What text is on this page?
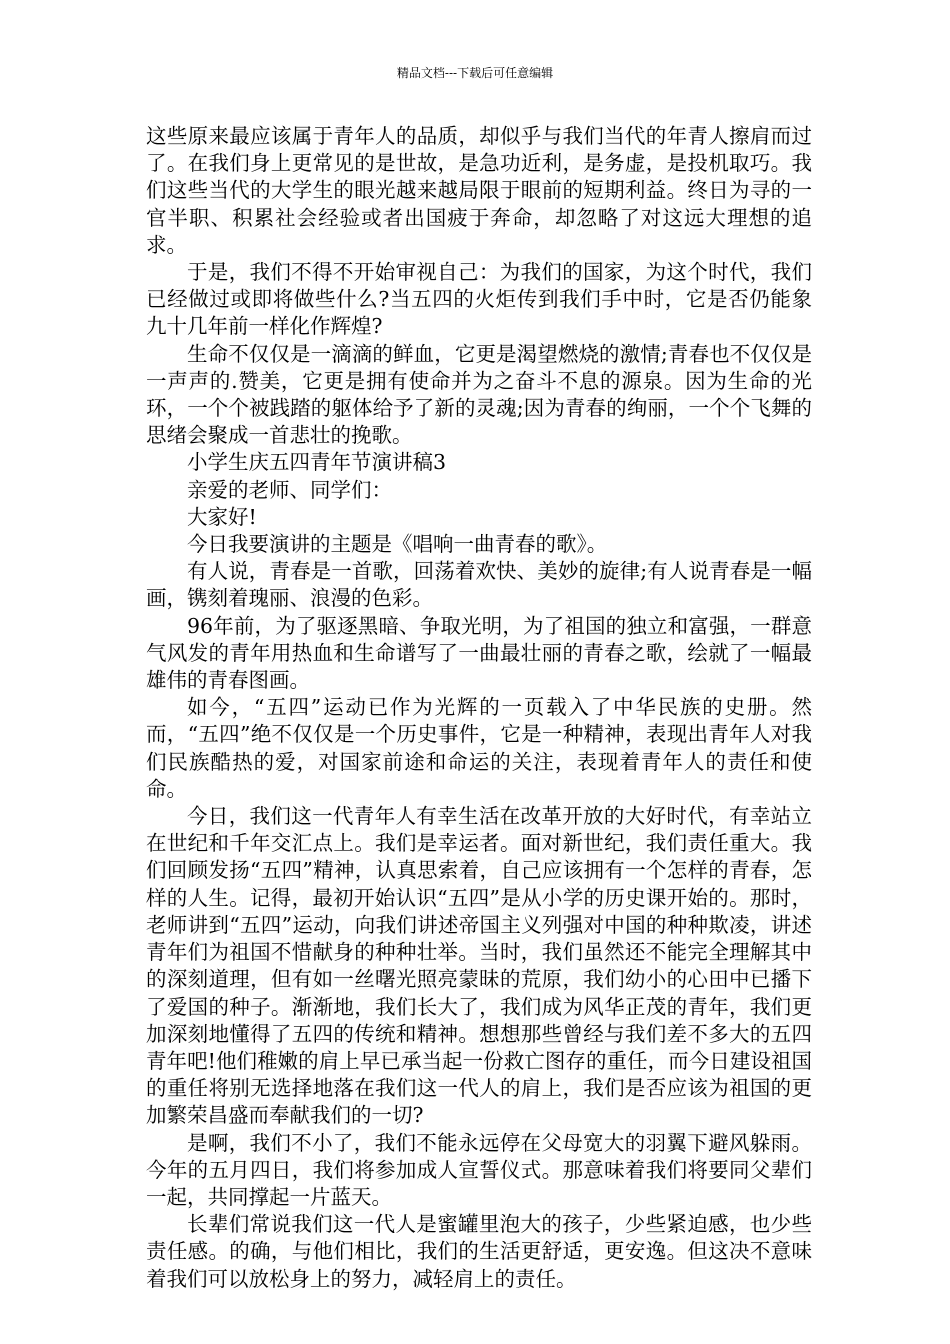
精品文档---下载后可任意编辑

这些原来最应该属于青年人的品质，却似乎与我们当代的年青人擦肩而过了。在我们身上更常见的是世故，是急功近利，是务虚，是投机取巧。我们这些当代的大学生的眼光越来越局限于眼前的短期利益。终日为寻的一官半职、积累社会经验或者出国疲于奔命，却忽略了对这远大理想的追求。

于是，我们不得不开始审视自己：为我们的国家，为这个时代，我们已经做过或即将做些什么?当五四的火炬传到我们手中时，它是否仍能象九十几年前一样化作辉煌?

生命不仅仅是一滴滴的鲜血，它更是渴望燃烧的激情;青春也不仅仅是一声声的.赞美，它更是拥有使命并为之奋斗不息的源泉。因为生命的光环，一个个被践踏的躯体给予了新的灵魂;因为青春的绚丽，一个个飞舞的思绪会聚成一首悲壮的挽歌。

小学生庆五四青年节演讲稿3

亲爱的老师、同学们：

大家好!

今日我要演讲的主题是《唱响一曲青春的歌》。

有人说，青春是一首歌，回荡着欢快、美妙的旋律;有人说青春是一幅画，镌刻着瑰丽、浪漫的色彩。

96年前，为了驱逐黑暗、争取光明，为了祖国的独立和富强，一群意气风发的青年用热血和生命谱写了一曲最壮丽的青春之歌，绘就了一幅最雄伟的青春图画。

如今，“五四”运动已作为光辉的一页载入了中华民族的史册。然而，“五四”绝不仅仅是一个历史事件，它是一种精神，表现出青年人对我们民族酷热的爱，对国家前途和命运的关注，表现着青年人的责任和使命。

今日，我们这一代青年人有幸生活在改革开放的大好时代，有幸站立在世纪和千年交汇点上。我们是幸运者。面对新世纪，我们责任重大。我们回顾发扬“五四”精神，认真思索着，自己应该拥有一个怎样的青春，怎样的人生。记得，最初开始认识“五四”是从小学的历史课开始的。那时，老师讲到“五四”运动，向我们讲述帝国主义列强对中国的种种欺凌，讲述青年们为祖国不惜献身的种种壮举。当时，我们虽然还不能完全理解其中的深刻道理，但有如一丝曙光照亮蒙昧的荒原，我们幼小的心田中已播下了爱国的种子。渐渐地，我们长大了，我们成为风华正茂的青年，我们更加深刻地懂得了五四的传统和精神。想想那些曾经与我们差不多大的五四青年吧!他们稚嫩的肩上早已承当起一份救亡图存的重任，而今日建设祖国的重任将别无选择地落在我们这一代人的肩上，我们是否应该为祖国的更加繁荣昌盛而奉献我们的一切?

是啊，我们不小了，我们不能永远停在父母宽大的羽翼下避风躲雨。今年的五月四日，我们将参加成人宣誓仪式。那意味着我们将要同父辈们一起，共同撑起一片蓝天。

长辈们常说我们这一代人是蜜罐里泡大的孩子，少些紧迫感，也少些责任感。的确，与他们相比，我们的生活更舒适，更安逸。但这决不意味着我们可以放松身上的努力，减轻肩上的责任。
